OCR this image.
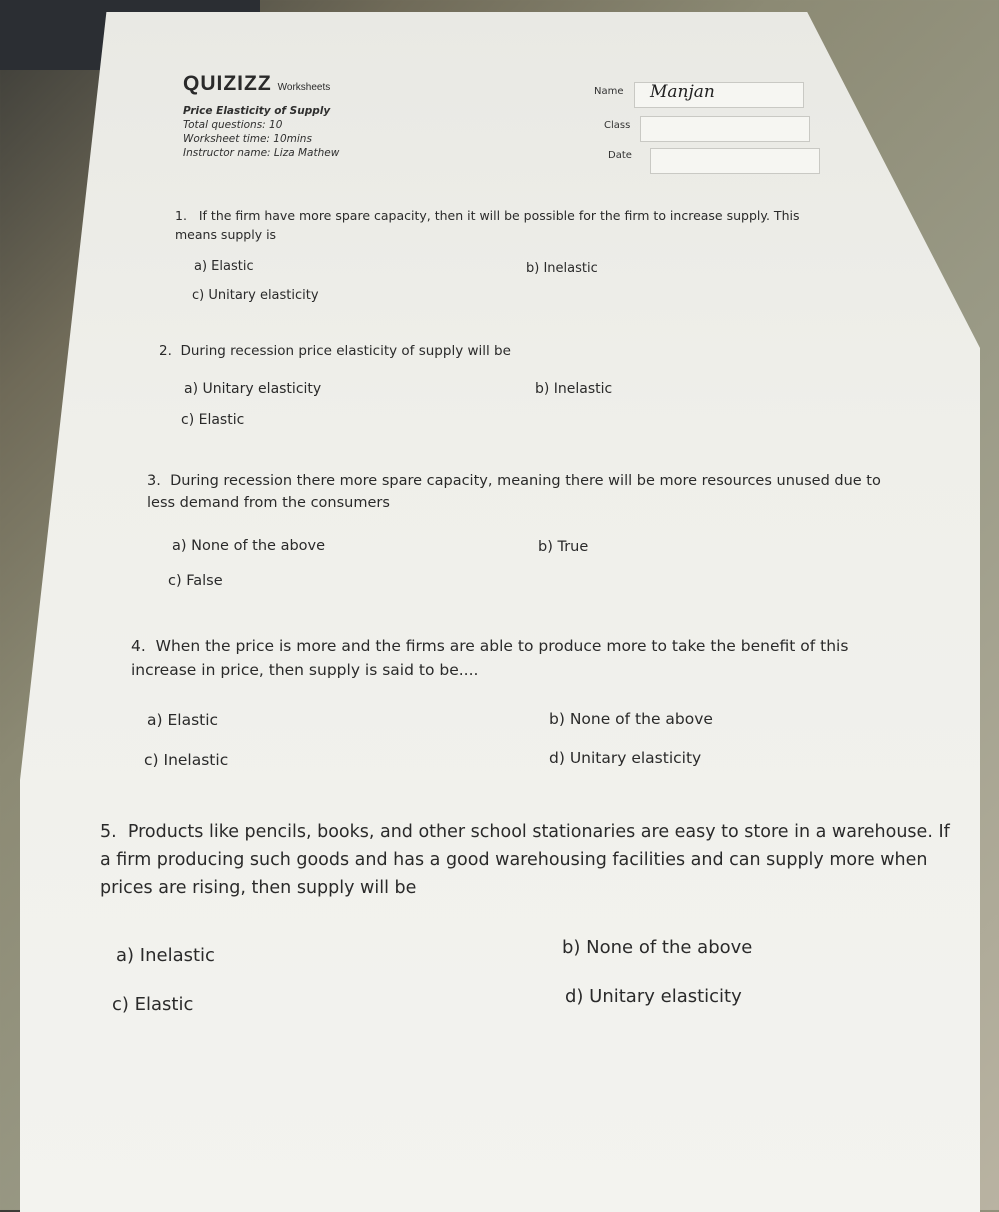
QUIZIZZ Worksheets
Price Elasticity of Supply
Total questions: 10
Worksheet time: 10mins
Instructor name: Liza Mathew
Name Manjan
Class
Date
1. If the firm have more spare capacity, then it will be possible for the firm to increase supply. This means supply is
a) Elastic	b) Inelastic
c) Unitary elasticity
2. During recession price elasticity of supply will be
a) Unitary elasticity	b) Inelastic
c) Elastic
3. During recession there more spare capacity, meaning there will be more resources unused due to less demand from the consumers
a) None of the above	b) True
c) False
4. When the price is more and the firms are able to produce more to take the benefit of this increase in price, then supply is said to be....
a) Elastic	b) None of the above
c) Inelastic	d) Unitary elasticity
5. Products like pencils, books, and other school stationaries are easy to store in a warehouse. If a firm producing such goods and has a good warehousing facilities and can supply more when prices are rising, then supply will be
a) Inelastic	b) None of the above
c) Elastic	d) Unitary elasticity
